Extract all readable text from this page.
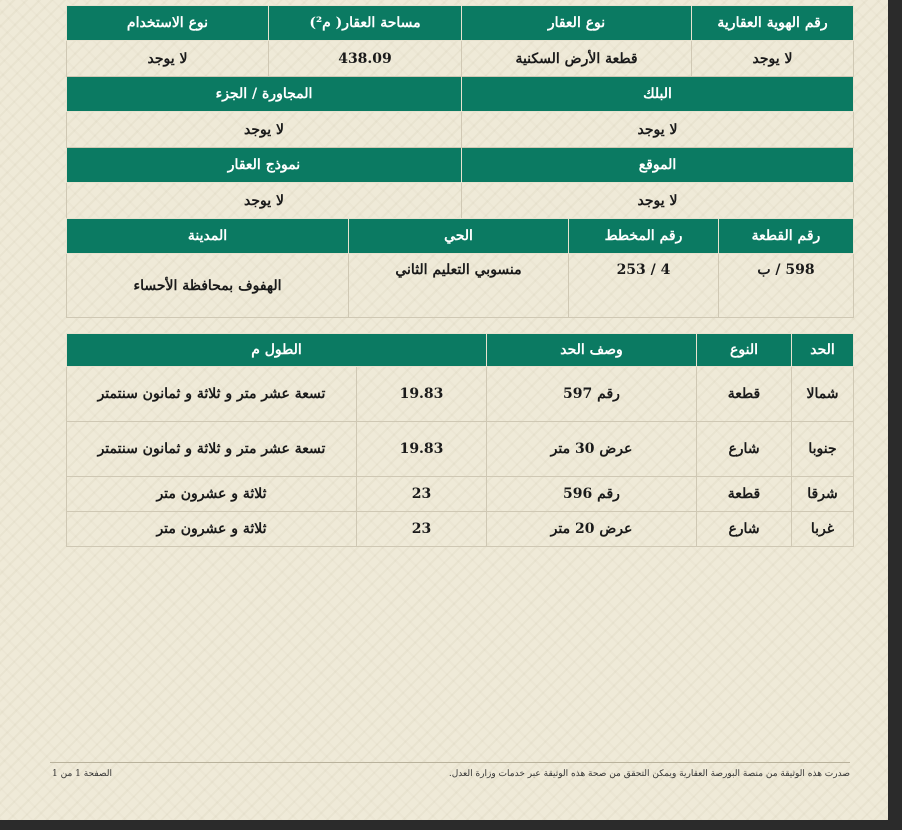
رقم الهوية العقارية	نوع العقار	مساحة العقار( م²)	نوع الاستخدام
لا يوجد	قطعة الأرض السكنية	438.09	لا يوجد
البلك		المجاورة / الجزء	
لا يوجد		لا يوجد	
الموقع		نموذج العقار	
لا يوجد		لا يوجد	
رقم القطعة	رقم المخطط	الحي	المدينة
598 / ب	4 / 253	منسوبي التعليم الثاني	الهفوف بمحافظة الأحساء
الحد	النوع	وصف الحد	الطول م	
شمالا	قطعة	رقم 597	19.83	تسعة عشر متر و ثلاثة و ثمانون سنتمتر
جنوبا	شارع	عرض 30 متر	19.83	تسعة عشر متر و ثلاثة و ثمانون سنتمتر
شرقا	قطعة	رقم 596	23	ثلاثة و عشرون متر
غربا	شارع	عرض 20 متر	23	ثلاثة و عشرون متر
صدرت هذه الوثيقة من منصة البورصة العقارية ويمكن التحقق من صحة هذه الوثيقة عبر خدمات وزارة العدل.
الصفحة 1 من 1
